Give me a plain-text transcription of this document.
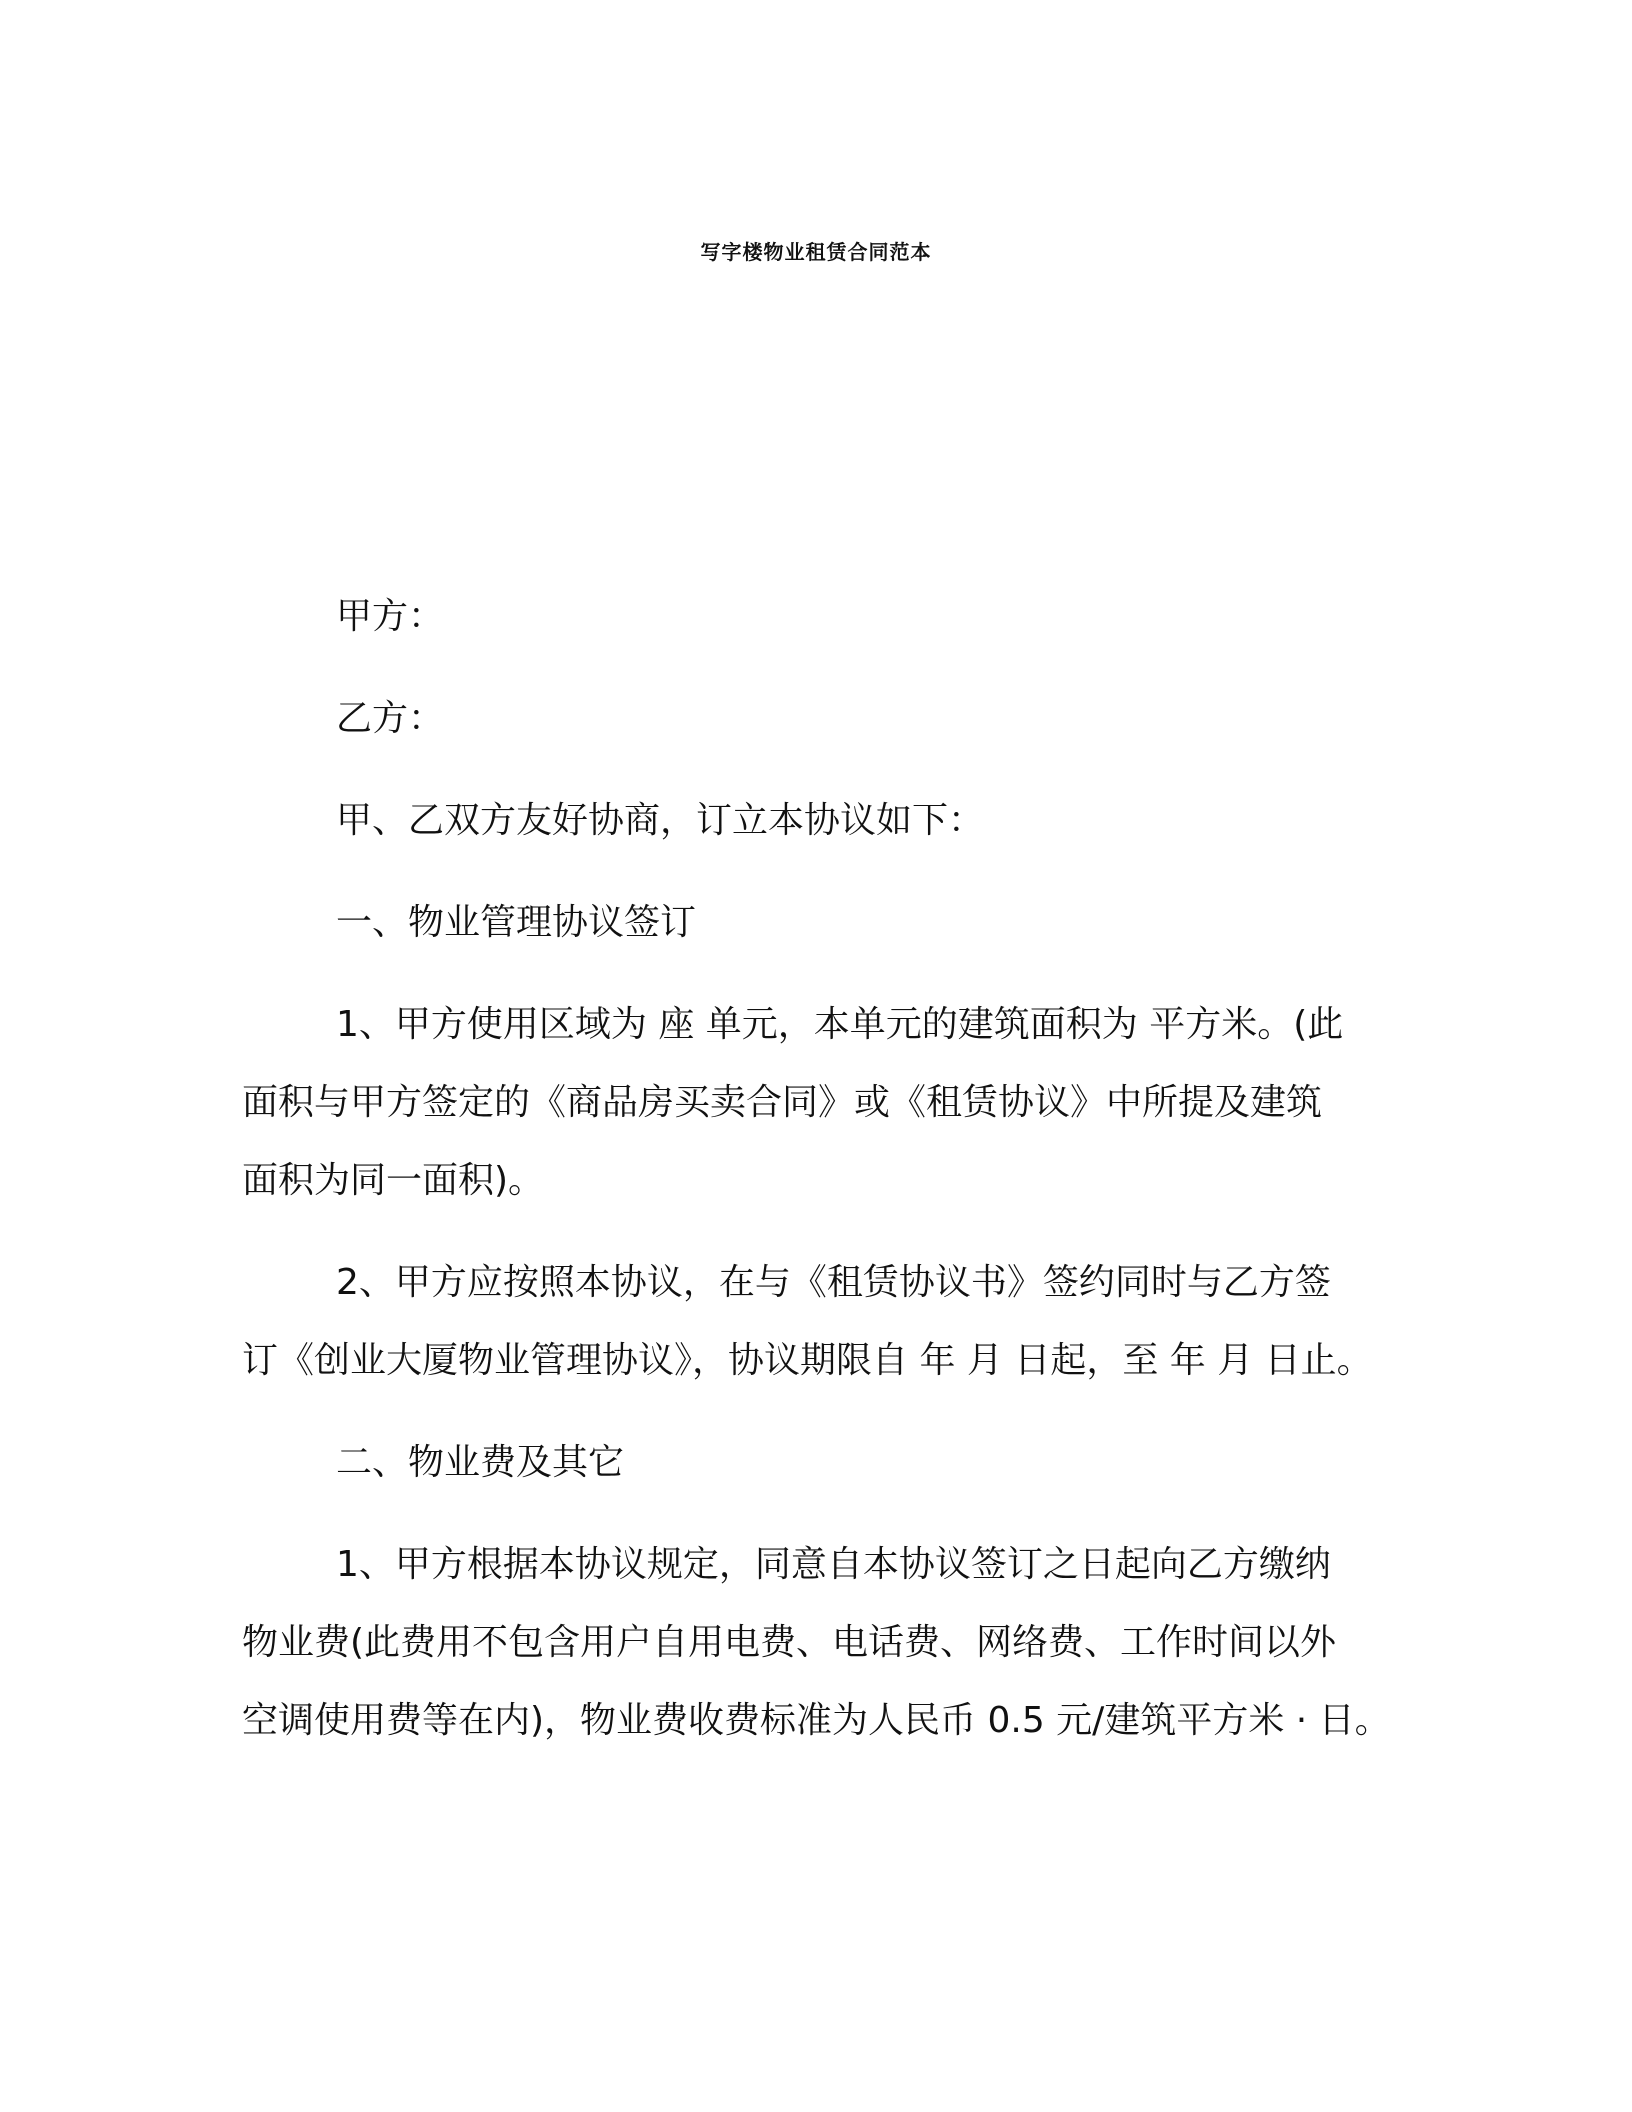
写字楼物业租赁合同范本
甲方：
乙方：
甲、乙双方友好协商，订立本协议如下：
一、物业管理协议签订
1、甲方使用区域为 座 单元，本单元的建筑面积为 平方米。(此
面积与甲方签定的《商品房买卖合同》或《租赁协议》中所提及建筑
面积为同一面积)。
2、甲方应按照本协议，在与《租赁协议书》签约同时与乙方签
订《创业大厦物业管理协议》，协议期限自 年 月 日起，至 年 月 日止。
二、物业费及其它
1、甲方根据本协议规定，同意自本协议签订之日起向乙方缴纳
物业费(此费用不包含用户自用电费、电话费、网络费、工作时间以外
空调使用费等在内)，物业费收费标准为人民币 0.5 元/建筑平方米 · 日。
